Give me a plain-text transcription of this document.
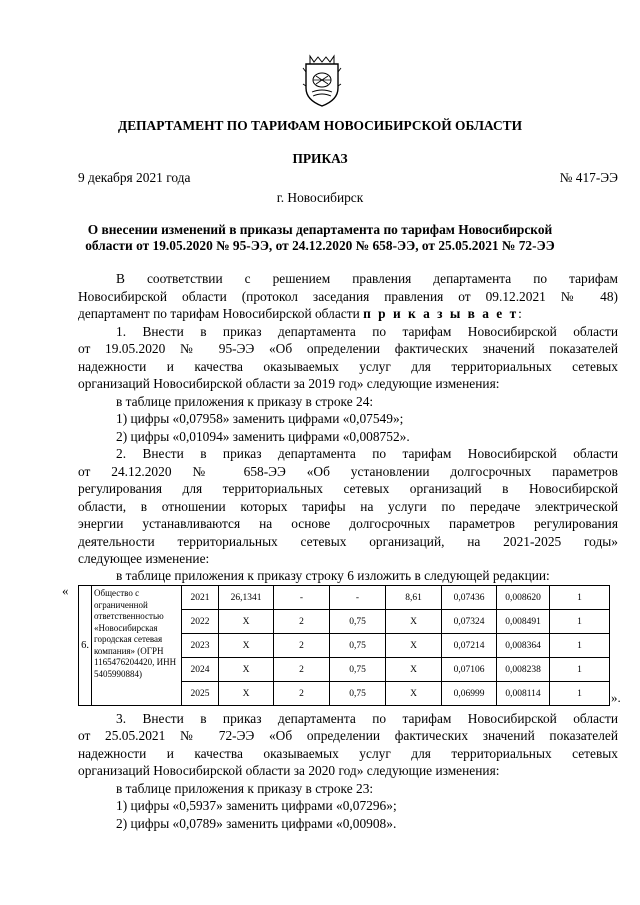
ДЕПАРТАМЕНТ ПО ТАРИФАМ НОВОСИБИРСКОЙ ОБЛАСТИ
ПРИКАЗ
9 декабря 2021 года	№ 417-ЭЭ
г. Новосибирск
О внесении изменений в приказы департамента по тарифам Новосибирской
области от 19.05.2020 № 95-ЭЭ, от 24.12.2020 № 658-ЭЭ, от 25.05.2021 № 72-ЭЭ
В соответствии с решением правления департамента по тарифам
Новосибирской области (протокол заседания правления от 09.12.2021 № 48)
департамент по тарифам Новосибирской области п р и к а з ы в а е т:
1. Внести в приказ департамента по тарифам Новосибирской области
от 19.05.2020 № 95-ЭЭ «Об определении фактических значений показателей
надежности и качества оказываемых услуг для территориальных сетевых
организаций Новосибирской области за 2019 год» следующие изменения:
в таблице приложения к приказу в строке 24:
1) цифры «0,07958» заменить цифрами «0,07549»;
2) цифры «0,01094» заменить цифрами «0,008752».
2. Внести в приказ департамента по тарифам Новосибирской области
от 24.12.2020 № 658-ЭЭ «Об установлении долгосрочных параметров
регулирования для территориальных сетевых организаций в Новосибирской
области, в отношении которых тарифы на услуги по передаче электрической
энергии устанавливаются на основе долгосрочных параметров регулирования
деятельности территориальных сетевых организаций, на 2021-2025 годы»
следующее изменение:
в таблице приложения к приказу строку 6 изложить в следующей редакции:
«
6.	Общество с ограниченной ответственностью «Новосибирская городская сетевая компания» (ОГРН 1165476204420, ИНН 5405990884)	2021	26,1341	-	-	8,61	0,07436	0,008620	1
		2022	X	2	0,75	X	0,07324	0,008491	1
		2023	X	2	0,75	X	0,07214	0,008364	1
		2024	X	2	0,75	X	0,07106	0,008238	1
		2025	X	2	0,75	X	0,06999	0,008114	1 ».
3. Внести в приказ департамента по тарифам Новосибирской области
от 25.05.2021 № 72-ЭЭ «Об определении фактических значений показателей
надежности и качества оказываемых услуг для территориальных сетевых
организаций Новосибирской области за 2020 год» следующие изменения:
в таблице приложения к приказу в строке 23:
1) цифры «0,5937» заменить цифрами «0,07296»;
2) цифры «0,0789» заменить цифрами «0,00908».
